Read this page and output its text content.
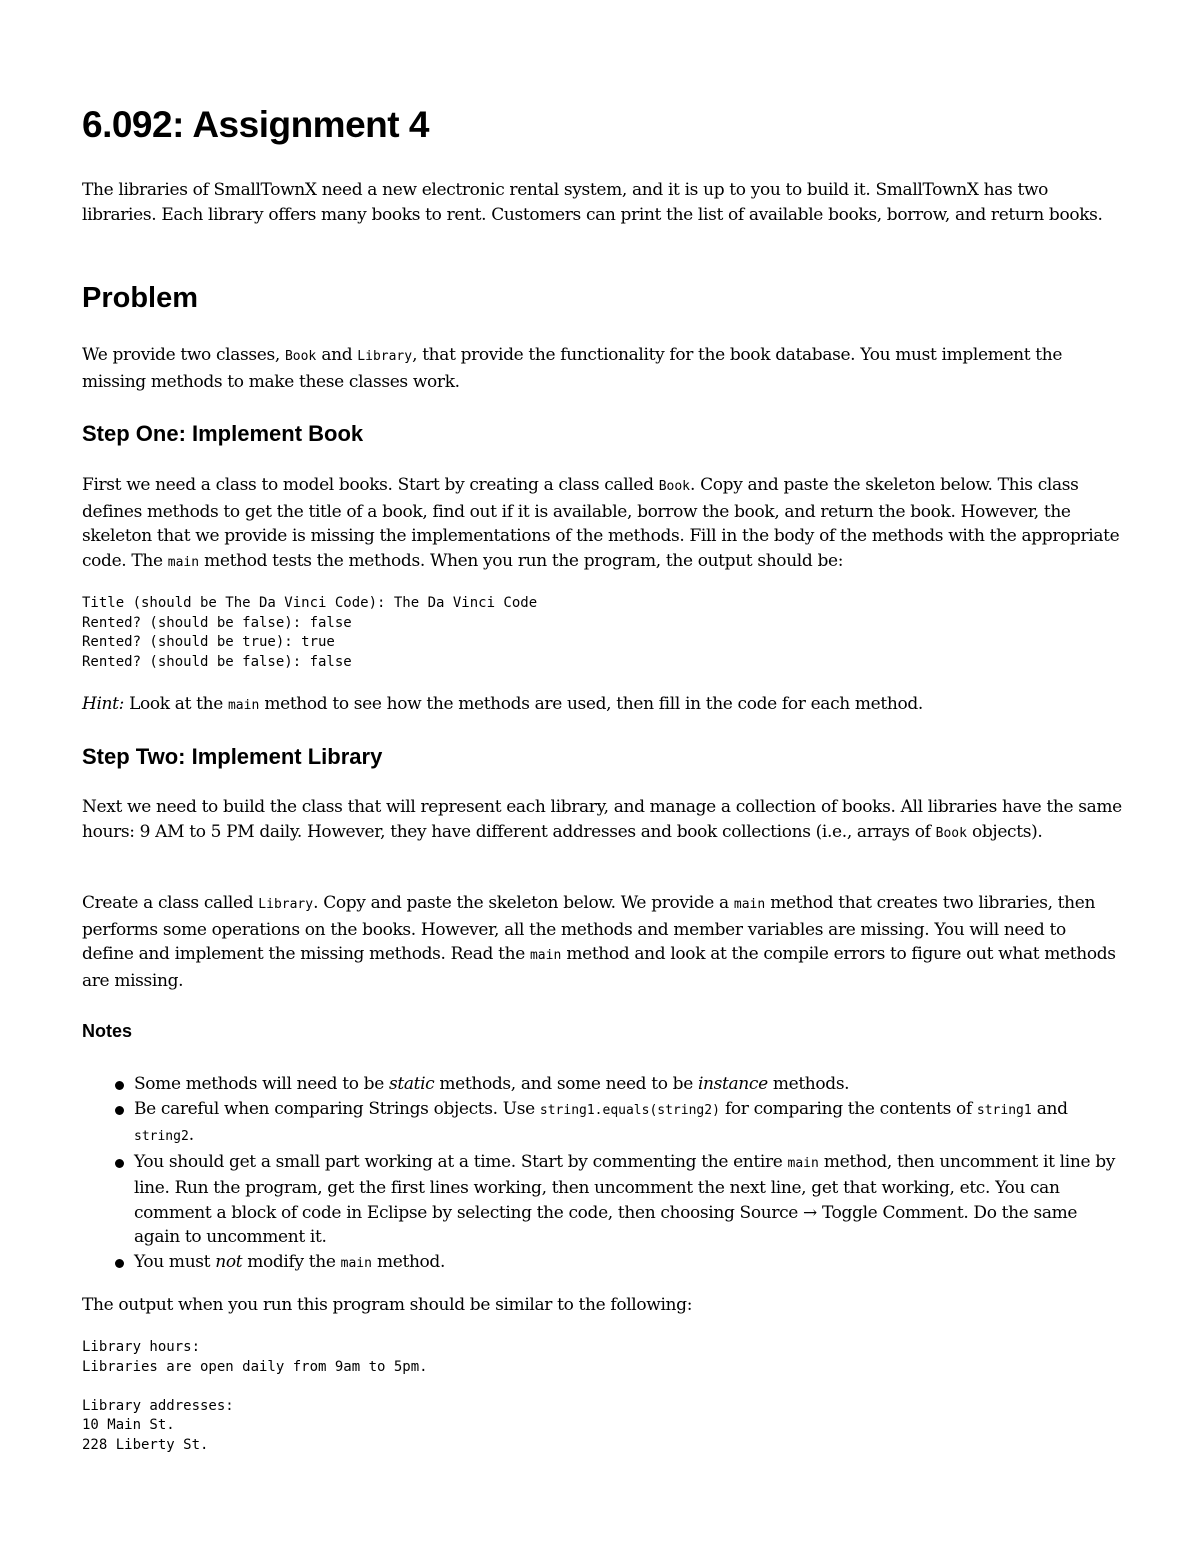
6.092: Assignment 4

The libraries of SmallTownX need a new electronic rental system, and it is up to you to build it. SmallTownX has two libraries. Each library offers many books to rent. Customers can print the list of available books, borrow, and return books.

Problem

We provide two classes, Book and Library, that provide the functionality for the book database. You must implement the missing methods to make these classes work.

Step One: Implement Book

First we need a class to model books. Start by creating a class called Book. Copy and paste the skeleton below. This class defines methods to get the title of a book, find out if it is available, borrow the book, and return the book. However, the skeleton that we provide is missing the implementations of the methods. Fill in the body of the methods with the appropriate code. The main method tests the methods. When you run the program, the output should be:

Title (should be The Da Vinci Code): The Da Vinci Code
Rented? (should be false): false
Rented? (should be true): true
Rented? (should be false): false

Hint: Look at the main method to see how the methods are used, then fill in the code for each method.

Step Two: Implement Library

Next we need to build the class that will represent each library, and manage a collection of books. All libraries have the same hours: 9 AM to 5 PM daily. However, they have different addresses and book collections (i.e., arrays of Book objects).

Create a class called Library. Copy and paste the skeleton below. We provide a main method that creates two libraries, then performs some operations on the books. However, all the methods and member variables are missing. You will need to define and implement the missing methods. Read the main method and look at the compile errors to figure out what methods are missing.

Notes
Some methods will need to be static methods, and some need to be instance methods.
Be careful when comparing Strings objects. Use string1.equals(string2) for comparing the contents of string1 and string2.
You should get a small part working at a time. Start by commenting the entire main method, then uncomment it line by line. Run the program, get the first lines working, then uncomment the next line, get that working, etc. You can comment a block of code in Eclipse by selecting the code, then choosing Source → Toggle Comment. Do the same again to uncomment it.
You must not modify the main method.

The output when you run this program should be similar to the following:

Library hours:
Libraries are open daily from 9am to 5pm.
Library addresses:
10 Main St.
228 Liberty St.
